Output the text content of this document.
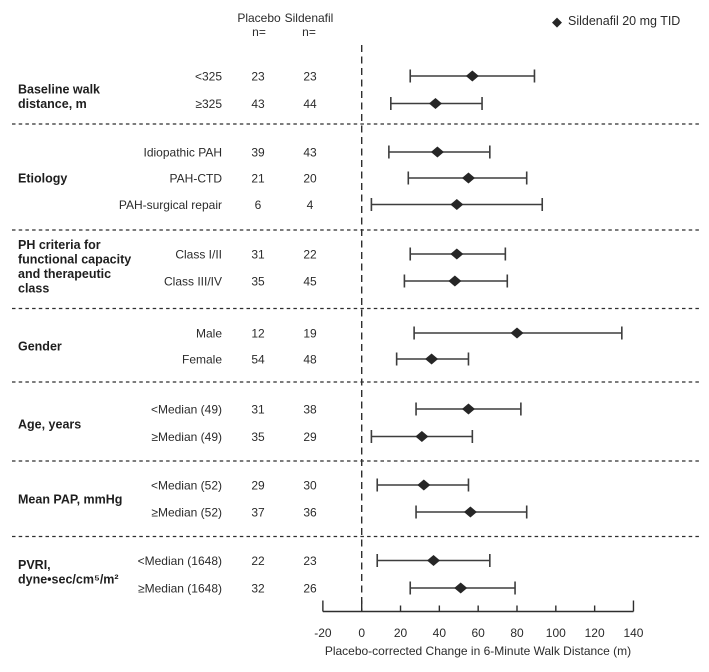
-20 0 20 40 60 80 100 120 140
Baseline walk
distance, m
<325 23	23
≥325 43	44
Etiology
Idiopathic PAH 39	43
PAH-CTD 21	20
PAH-surgical repair	6	4
PH criteria for
functional capacity
and therapeutic
class
Class I/II 31	22
Class III/IV 35	45
Gender
Male 12	19
Female 54	48
Age, years
<Median (49) 31	38
≥Median (49) 35	29
Mean PAP, mmHg
<Median (52) 29	30
≥Median (52) 37	36
PVRI,
dyne•sec/cm⁵/m²
<Median (1648) 22	23
≥Median (1648) 32	26
Placebo
n=
Sildenafil
n=
◆ Sildenafil 20 mg TID
Placebo-corrected Change in 6-Minute Walk Distance (m)
